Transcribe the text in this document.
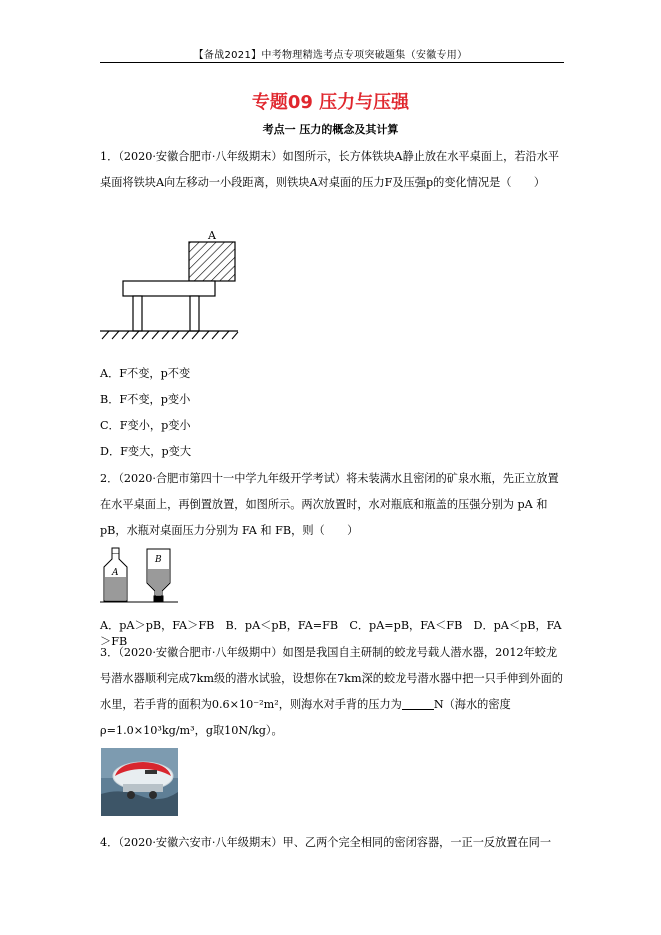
【备战2021】中考物理精选考点专项突破题集（安徽专用）
专题09 压力与压强
考点一 压力的概念及其计算
1．（2020·安徽合肥市·八年级期末）如图所示，长方体铁块A静止放在水平桌面上，若沿水平桌面将铁块A向左移动一小段距离，则铁块A对桌面的压力F及压强p的变化情况是（　　）
A
A．F不变，p不变
B．F不变，p变小
C．F变小，p变小
D．F变大，p变大
2．（2020·合肥市第四十一中学九年级开学考试）将未装满水且密闭的矿泉水瓶，先正立放置在水平桌面上，再倒置放置，如图所示。两次放置时，水对瓶底和瓶盖的压强分别为 pA 和 pB，水瓶对桌面压力分别为 FA 和 FB，则（　　）
A
B
A．pA＞pB，FA＞FB　B．pA＜pB，FA=FB　C．pA=pB，FA＜FB　D．pA＜pB，FA＞FB
3．（2020·安徽合肥市·八年级期中）如图是我国自主研制的蛟龙号载人潜水器，2012年蛟龙号潜水器顺利完成7km级的潜水试验，设想你在7km深的蛟龙号潜水器中把一只手伸到外面的水里，若手背的面积为0.6×10⁻²m²，则海水对手背的压力为	N（海水的密度ρ=1.0×10³kg/m³，g取10N/kg）。
4．（2020·安徽六安市·八年级期末）甲、乙两个完全相同的密闭容器，一正一反放置在同一
